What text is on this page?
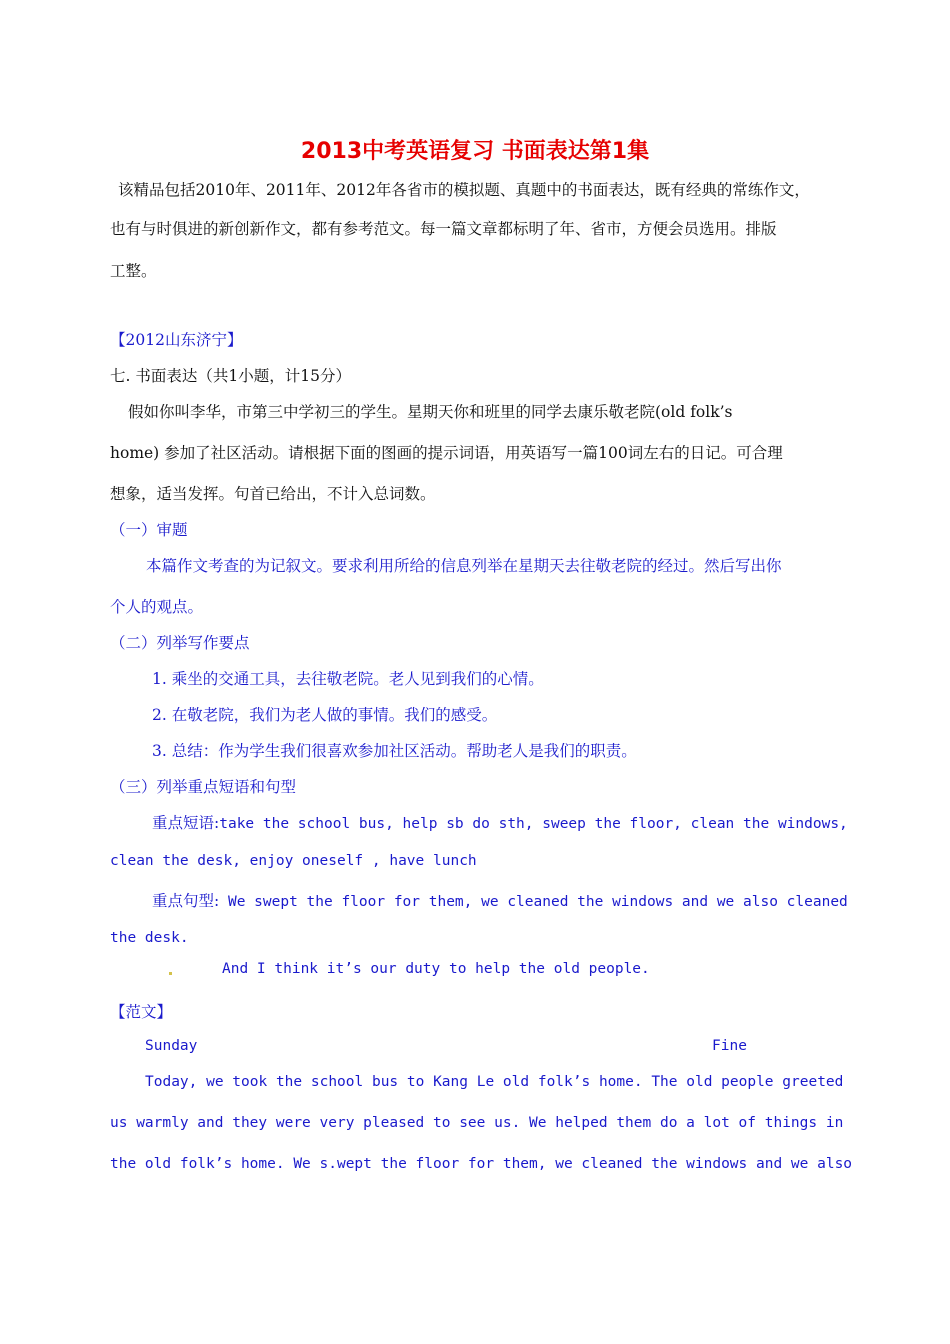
2013中考英语复习 书面表达第1集
该精品包括2010年、2011年、2012年各省市的模拟题、真题中的书面表达，既有经典的常练作文，
也有与时俱进的新创新作文，都有参考范文。每一篇文章都标明了年、省市，方便会员选用。排版
工整。
【2012山东济宁】
七. 书面表达（共1小题，计15分）
假如你叫李华，市第三中学初三的学生。星期天你和班里的同学去康乐敬老院(old folk’s
home) 参加了社区活动。请根据下面的图画的提示词语，用英语写一篇100词左右的日记。可合理
想象，适当发挥。句首已给出，不计入总词数。
（一）审题
本篇作文考查的为记叙文。要求利用所给的信息列举在星期天去往敬老院的经过。然后写出你
个人的观点。
（二）列举写作要点
1. 乘坐的交通工具，去往敬老院。老人见到我们的心情。
2. 在敬老院，我们为老人做的事情。我们的感受。
3. 总结：作为学生我们很喜欢参加社区活动。帮助老人是我们的职责。
（三）列举重点短语和句型
重点短语:take the school bus, help sb do sth, sweep the floor, clean the windows,
clean the desk, enjoy oneself , have lunch
重点句型: We swept the floor for them, we cleaned the windows and we also cleaned
the desk.
And I think it’s our duty to help the old people.
【范文】
Sunday	Fine
Today, we took the school bus to Kang Le old folk’s home. The old people greeted
us warmly and they were very pleased to see us. We helped them do a lot of things in
the old folk’s home. We s.wept the floor for them, we cleaned the windows and we also
